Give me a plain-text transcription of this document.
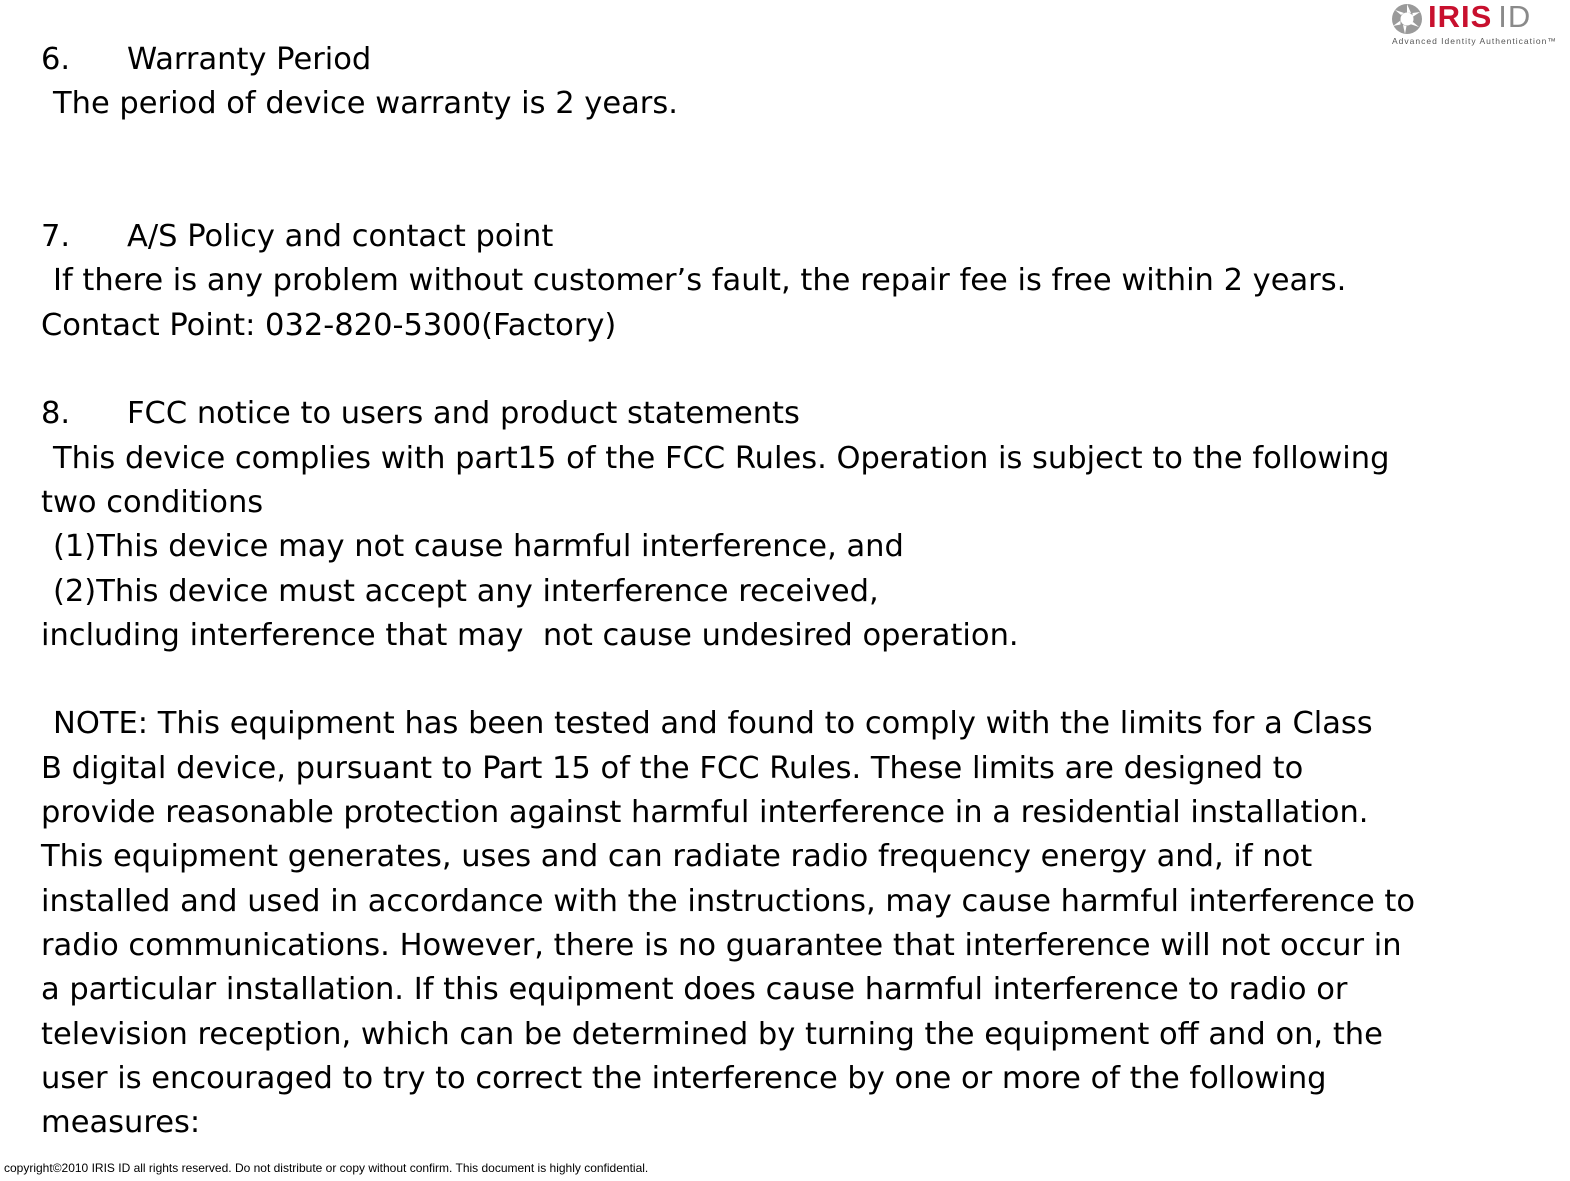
IRIS ID
Advanced Identity Authentication™
6. Warranty Period
The period of device warranty is 2 years.
7. A/S Policy and contact point
If there is any problem without customer’s fault, the repair fee is free within 2 years.
Contact Point: 032-820-5300(Factory)
8. FCC notice to users and product statements
This device complies with part15 of the FCC Rules. Operation is subject to the following
two conditions
(1)This device may not cause harmful interference, and
(2)This device must accept any interference received,
including interference that may  not cause undesired operation.
NOTE: This equipment has been tested and found to comply with the limits for a Class
B digital device, pursuant to Part 15 of the FCC Rules. These limits are designed to
provide reasonable protection against harmful interference in a residential installation.
This equipment generates, uses and can radiate radio frequency energy and, if not
installed and used in accordance with the instructions, may cause harmful interference to
radio communications. However, there is no guarantee that interference will not occur in
a particular installation. If this equipment does cause harmful interference to radio or
television reception, which can be determined by turning the equipment off and on, the
user is encouraged to try to correct the interference by one or more of the following
measures:
copyright©2010 IRIS ID all rights reserved. Do not distribute or copy without confirm. This document is highly confidential.
